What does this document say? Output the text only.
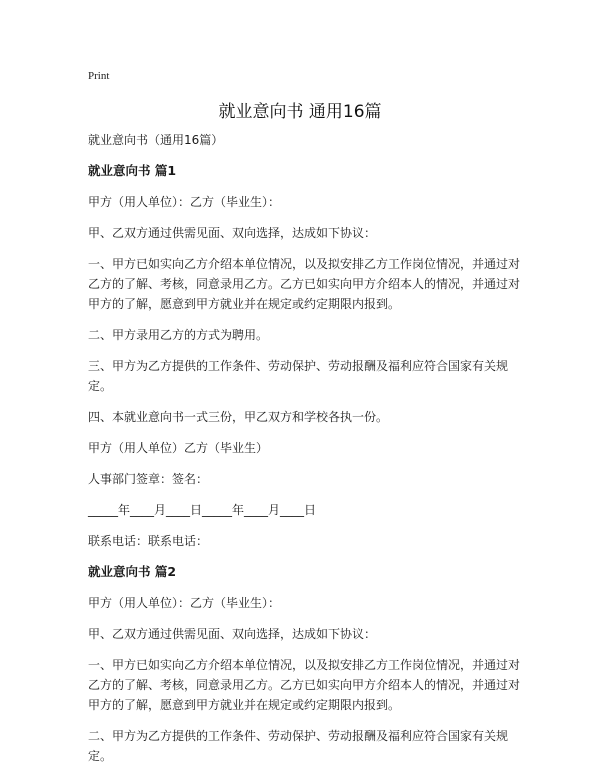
Print
就业意向书 通用16篇

就业意向书（通用16篇）

就业意向书 篇1

甲方（用人单位）：乙方（毕业生）：

甲、乙双方通过供需见面、双向选择，达成如下协议：

一、甲方已如实向乙方介绍本单位情况，以及拟安排乙方工作岗位情况，并通过对乙方的了解、考核，同意录用乙方。乙方已如实向甲方介绍本人的情况，并通过对甲方的了解，愿意到甲方就业并在规定或约定期限内报到。

二、甲方录用乙方的方式为聘用。

三、甲方为乙方提供的工作条件、劳动保护、劳动报酬及福利应符合国家有关规定。

四、本就业意向书一式三份，甲乙双方和学校各执一份。

甲方（用人单位）乙方（毕业生）

人事部门签章：签名：

_____年____月____日_____年____月____日

联系电话：联系电话：

就业意向书 篇2

甲方（用人单位）：乙方（毕业生）：

甲、乙双方通过供需见面、双向选择，达成如下协议：

一、甲方已如实向乙方介绍本单位情况，以及拟安排乙方工作岗位情况，并通过对乙方的了解、考核，同意录用乙方。乙方已如实向甲方介绍本人的情况，并通过对甲方的了解，愿意到甲方就业并在规定或约定期限内报到。

二、甲方为乙方提供的工作条件、劳动保护、劳动报酬及福利应符合国家有关规定。
